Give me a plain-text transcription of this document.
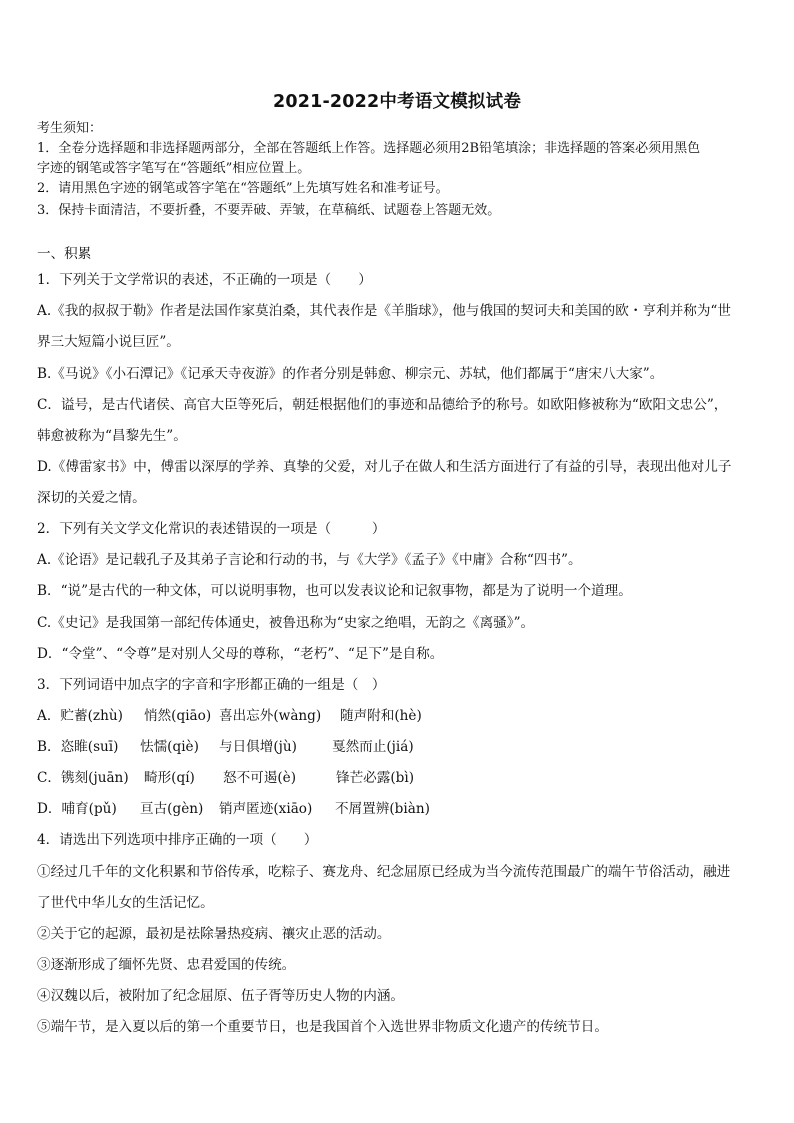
2021-2022中考语文模拟试卷
考生须知：
1．全卷分选择题和非选择题两部分，全部在答题纸上作答。选择题必须用2B铅笔填涂；非选择题的答案必须用黑色
字迹的钢笔或答字笔写在“答题纸”相应位置上。
2．请用黑色字迹的钢笔或答字笔在“答题纸”上先填写姓名和准考证号。
3．保持卡面清洁，不要折叠，不要弄破、弄皱，在草稿纸、试题卷上答题无效。
一、积累
1．下列关于文学常识的表述，不正确的一项是（　　）
A.《我的叔叔于勒》作者是法国作家莫泊桑，其代表作是《羊脂球》，他与俄国的契诃夫和美国的欧・亨利并称为“世
界三大短篇小说巨匠”。
B.《马说》《小石潭记》《记承天寺夜游》的作者分别是韩愈、柳宗元、苏轼，他们都属于“唐宋八大家”。
C．谥号，是古代诸侯、高官大臣等死后，朝廷根据他们的事迹和品德给予的称号。如欧阳修被称为“欧阳文忠公”，
韩愈被称为“昌黎先生”。
D.《傅雷家书》中，傅雷以深厚的学养、真挚的父爱，对儿子在做人和生活方面进行了有益的引导，表现出他对儿子
深切的关爱之情。
2．下列有关文学文化常识的表述错误的一项是（　　　）
A.《论语》是记载孔子及其弟子言论和行动的书，与《大学》《孟子》《中庸》合称“四书”。
B．“说”是古代的一种文体，可以说明事物，也可以发表议论和记叙事物，都是为了说明一个道理。
C.《史记》是我国第一部纪传体通史，被鲁迅称为“史家之绝唱，无韵之《离骚》”。
D．“令堂”、“令尊”是对别人父母的尊称，“老朽”、“足下”是自称。
3．下列词语中加点字的字音和字形都正确的一组是（　）
A．贮蓄(zhù) 悄然(qiāo) 喜出忘外(wàng) 随声附和(hè)
B．恣睢(suī) 怯懦(qiè) 与日俱增(jù)	戛然而止(jiá)
C．镌刻(juān) 畸形(qí) 怒不可遏(è)	锋芒必露(bì)
D．哺育(pǔ) 亘古(gèn) 销声匿迹(xiāo) 不屑置辨(biàn)
4．请选出下列选项中排序正确的一项（　　）
①经过几千年的文化积累和节俗传承，吃粽子、赛龙舟、纪念屈原已经成为当今流传范围最广的端午节俗活动，融进
了世代中华儿女的生活记忆。
②关于它的起源，最初是祛除暑热疫病、禳灾止恶的活动。
③逐渐形成了缅怀先贤、忠君爱国的传统。
④汉魏以后，被附加了纪念屈原、伍子胥等历史人物的内涵。
⑤端午节，是入夏以后的第一个重要节日，也是我国首个入选世界非物质文化遗产的传统节日。
